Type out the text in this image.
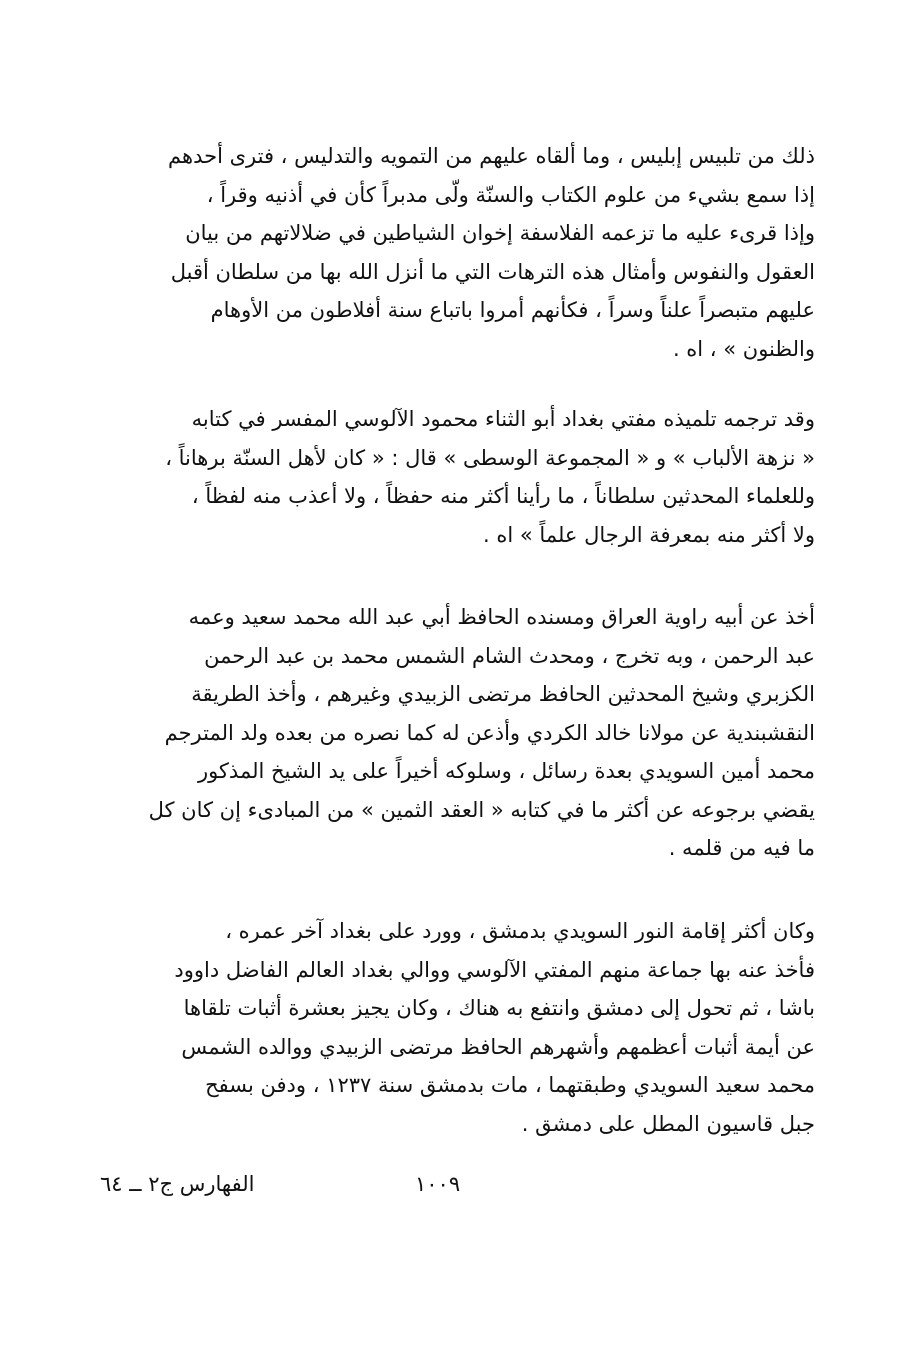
ذلك من تلبيس إبليس ، وما ألقاه عليهم من التمويه والتدليس ، فترى أحدهم
إذا سمع بشيء من علوم الكتاب والسنّة ولّى مدبراً كأن في أذنيه وقراً ،
وإذا قرىء عليه ما تزعمه الفلاسفة إخوان الشياطين في ضلالاتهم من بيان
العقول والنفوس وأمثال هذه الترهات التي ما أنزل الله بها من سلطان أقبل
عليهم متبصراً علناً وسراً ، فكأنهم أمروا باتباع سنة أفلاطون من الأوهام
والظنون » ، اه .
وقد ترجمه تلميذه مفتي بغداد أبو الثناء محمود الآلوسي المفسر في كتابه
« نزهة الألباب » و « المجموعة الوسطى » قال : « كان لأهل السنّة برهاناً ،
وللعلماء المحدثين سلطاناً ، ما رأينا أكثر منه حفظاً ، ولا أعذب منه لفظاً ،
ولا أكثر منه بمعرفة الرجال علماً » اه .
أخذ عن أبيه راوية العراق ومسنده الحافظ أبي عبد الله محمد سعيد وعمه
عبد الرحمن ، وبه تخرج ، ومحدث الشام الشمس محمد بن عبد الرحمن
الكزبري وشيخ المحدثين الحافظ مرتضى الزبيدي وغيرهم ، وأخذ الطريقة
النقشبندية عن مولانا خالد الكردي وأذعن له كما نصره من بعده ولد المترجم
محمد أمين السويدي بعدة رسائل ، وسلوكه أخيراً على يد الشيخ المذكور
يقضي برجوعه عن أكثر ما في كتابه « العقد الثمين » من المبادىء إن كان كل
ما فيه من قلمه .
وكان أكثر إقامة النور السويدي بدمشق ، وورد على بغداد آخر عمره ،
فأخذ عنه بها جماعة منهم المفتي الآلوسي ووالي بغداد العالم الفاضل داوود
باشا ، ثم تحول إلى دمشق وانتفع به هناك ، وكان يجيز بعشرة أثبات تلقاها
عن أيمة أثبات أعظمهم وأشهرهم الحافظ مرتضى الزبيدي ووالده الشمس
محمد سعيد السويدي وطبقتهما ، مات بدمشق سنة ١٢٣٧ ، ودفن بسفح
جبل قاسيون المطل على دمشق .
الفهارس ج٢ ــ ٦٤	١٠٠٩
